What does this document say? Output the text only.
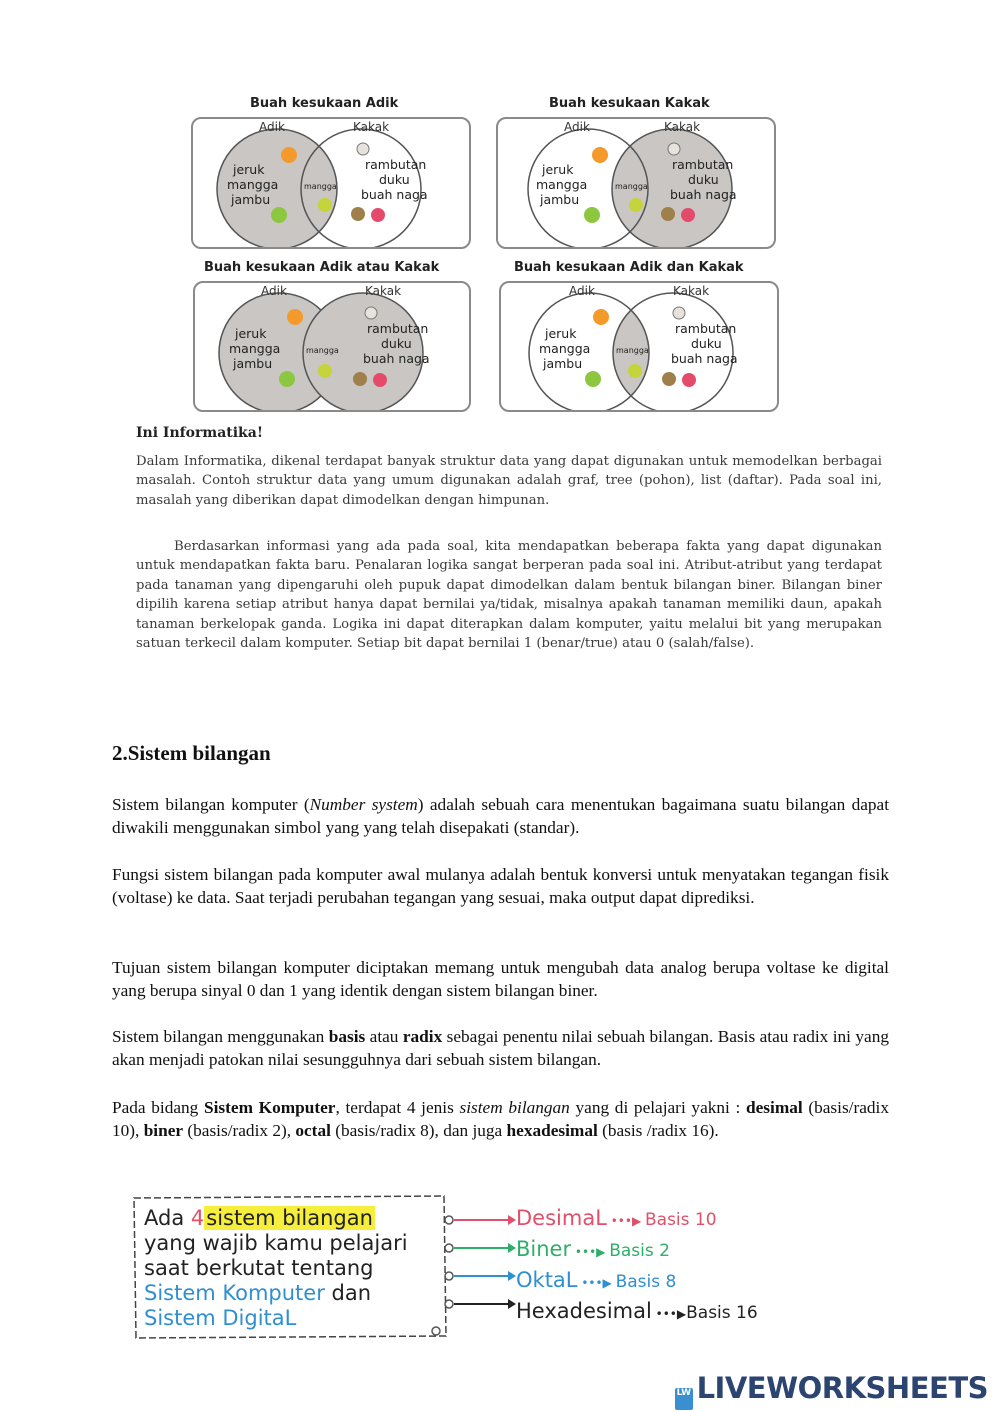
Buah kesukaan Adik
Adik	Kakak
jeruk
mangga
jambu
mangga
rambutan
duku
buah naga
Buah kesukaan Kakak
Adik	Kakak
jeruk
mangga
jambu
mangga
rambutan
duku
buah naga
Buah kesukaan Adik atau Kakak
Adik	Kakak
jeruk
mangga
jambu
mangga
rambutan
duku
buah naga
Buah kesukaan Adik dan Kakak
Adik	Kakak
jeruk
mangga
jambu
mangga
rambutan
duku
buah naga
Ini Informatika!

Dalam Informatika, dikenal terdapat banyak struktur data yang dapat digunakan untuk memodelkan berbagai masalah. Contoh struktur data yang umum digunakan adalah graf, tree (pohon), list (daftar). Pada soal ini, masalah yang diberikan dapat dimodelkan dengan himpunan.

Berdasarkan informasi yang ada pada soal, kita mendapatkan beberapa fakta yang dapat digunakan untuk mendapatkan fakta baru. Penalaran logika sangat berperan pada soal ini. Atribut-atribut yang terdapat pada tanaman yang dipengaruhi oleh pupuk dapat dimodelkan dalam bentuk bilangan biner. Bilangan biner dipilih karena setiap atribut hanya dapat bernilai ya/tidak, misalnya apakah tanaman memiliki daun, apakah tanaman berkelopak ganda. Logika ini dapat diterapkan dalam komputer, yaitu melalui bit yang merupakan satuan terkecil dalam komputer. Setiap bit dapat bernilai 1 (benar/true) atau 0 (salah/false).

2.Sistem bilangan

Sistem bilangan komputer (Number system) adalah sebuah cara menentukan bagaimana suatu bilangan dapat diwakili menggunakan simbol yang yang telah disepakati (standar).

Fungsi sistem bilangan pada komputer awal mulanya adalah bentuk konversi untuk menyatakan tegangan fisik (voltase) ke data. Saat terjadi perubahan tegangan yang sesuai, maka output dapat diprediksi.

Tujuan sistem bilangan komputer diciptakan memang untuk mengubah data analog berupa voltase ke digital yang berupa sinyal 0 dan 1 yang identik dengan sistem bilangan biner.

Sistem bilangan menggunakan basis atau radix sebagai penentu nilai sebuah bilangan. Basis atau radix ini yang akan menjadi patokan nilai sesungguhnya dari sebuah sistem bilangan.

Pada bidang Sistem Komputer, terdapat 4 jenis sistem bilangan yang di pelajari yakni : desimal (basis/radix 10), biner (basis/radix 2), octal (basis/radix 8), dan juga hexadesimal (basis /radix 16).

Ada 4sistem bilangan
yang wajib kamu pelajari
saat berkutat tentang
Sistem Komputer dan
Sistem DigitaL
DesimaL •••▶ Basis 10
Biner •••▶ Basis 2
OktaL •••▶ Basis 8
Hexadesimal •••▶Basis 16
LW LIVEWORKSHEETS
